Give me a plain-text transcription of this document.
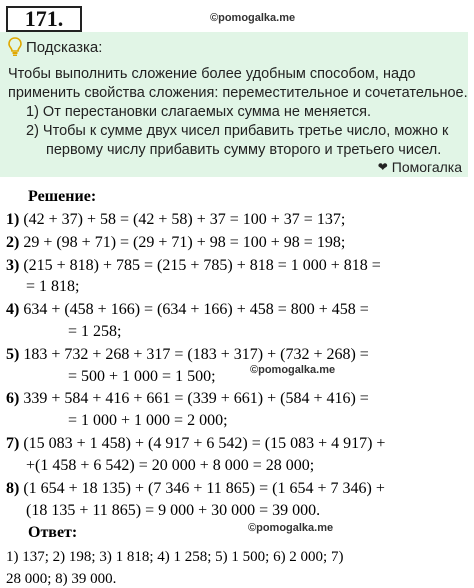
171.	©pomogalka.me
Подсказка:
Чтобы выполнить сложение более удобным способом, надо
применить свойства сложения: переместительное и сочетательное.
1) От перестановки слагаемых сумма не меняется.
2) Чтобы к сумме двух чисел прибавить третье число, можно к
первому числу прибавить сумму второго и третьего чисел.
❤ Помогалка
Решение:
1) (42 + 37) + 58 = (42 + 58) + 37 = 100 + 37 = 137;
2) 29 + (98 + 71) = (29 + 71) + 98 = 100 + 98 = 198;
3) (215 + 818) + 785 = (215 + 785) + 818 = 1 000 + 818 =
= 1 818;
4) 634 + (458 + 166) = (634 + 166) + 458 = 800 + 458 =
= 1 258;
5) 183 + 732 + 268 + 317 = (183 + 317) + (732 + 268) =
= 500 + 1 000 = 1 500;	©pomogalka.me
6) 339 + 584 + 416 + 661 = (339 + 661) + (584 + 416) =
= 1 000 + 1 000 = 2 000;
7) (15 083 + 1 458) + (4 917 + 6 542) = (15 083 + 4 917) +
+(1 458 + 6 542) = 20 000 + 8 000 = 28 000;
8) (1 654 + 18 135) + (7 346 + 11 865) = (1 654 + 7 346) +
(18 135 + 11 865) = 9 000 + 30 000 = 39 000.
©pomogalka.me
Ответ:
1) 137; 2) 198; 3) 1 818; 4) 1 258; 5) 1 500; 6) 2 000; 7)
28 000; 8) 39 000.
